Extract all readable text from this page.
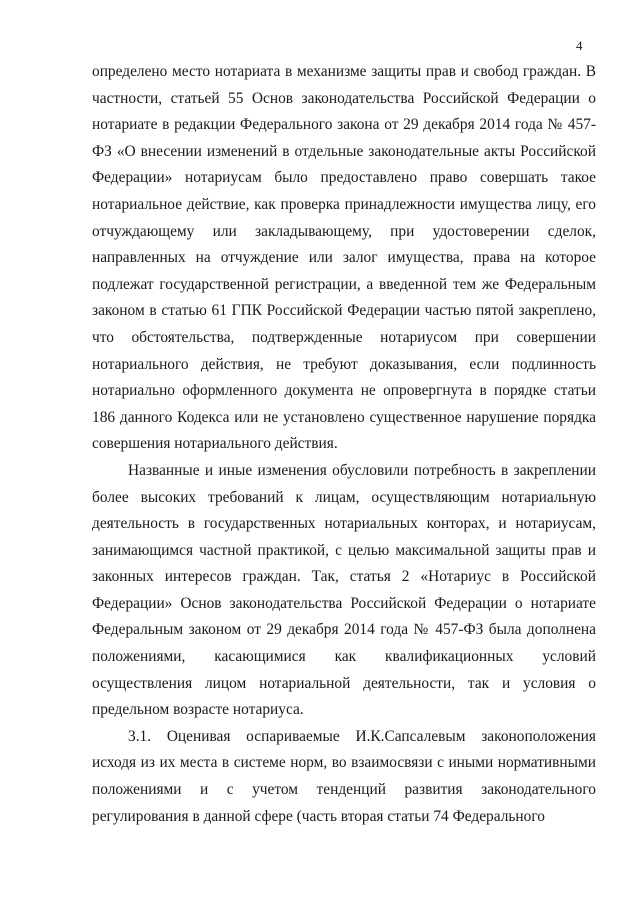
4

определено место нотариата в механизме защиты прав и свобод граждан. В частности, статьей 55 Основ законодательства Российской Федерации о нотариате в редакции Федерального закона от 29 декабря 2014 года № 457-ФЗ «О внесении изменений в отдельные законодательные акты Российской Федерации» нотариусам было предоставлено право совершать такое нотариальное действие, как проверка принадлежности имущества лицу, его отчуждающему или закладывающему, при удостоверении сделок, направленных на отчуждение или залог имущества, права на которое подлежат государственной регистрации, а введенной тем же Федеральным законом в статью 61 ГПК Российской Федерации частью пятой закреплено, что обстоятельства, подтвержденные нотариусом при совершении нотариального действия, не требуют доказывания, если подлинность нотариально оформленного документа не опровергнута в порядке статьи 186 данного Кодекса или не установлено существенное нарушение порядка совершения нотариального действия.

Названные и иные изменения обусловили потребность в закреплении более высоких требований к лицам, осуществляющим нотариальную деятельность в государственных нотариальных конторах, и нотариусам, занимающимся частной практикой, с целью максимальной защиты прав и законных интересов граждан. Так, статья 2 «Нотариус в Российской Федерации» Основ законодательства Российской Федерации о нотариате Федеральным законом от 29 декабря 2014 года № 457-ФЗ была дополнена положениями, касающимися как квалификационных условий осуществления лицом нотариальной деятельности, так и условия о предельном возрасте нотариуса.

3.1. Оценивая оспариваемые И.К.Сапсалевым законоположения исходя из их места в системе норм, во взаимосвязи с иными нормативными положениями и с учетом тенденций развития законодательного регулирования в данной сфере (часть вторая статьи 74 Федерального
